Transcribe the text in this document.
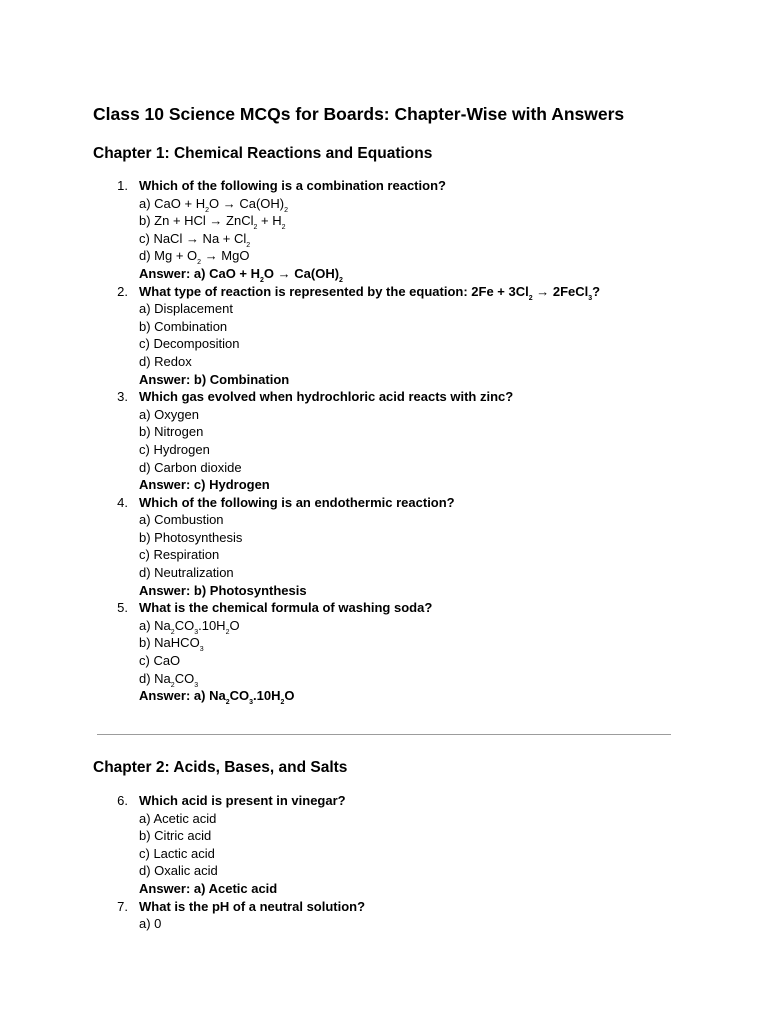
Class 10 Science MCQs for Boards: Chapter-Wise with Answers
Chapter 1: Chemical Reactions and Equations
1. Which of the following is a combination reaction?
a) CaO + $H_2O \to Ca(OH)_2$
b) Zn + HCl → ZnCl$_2$ + $H_2$
c) NaCl → $Na + Cl_2$
d) $Mg + O_2$ → MgO
Answer: a) CaO + $H_2O \to Ca(OH)_2$
2. What type of reaction is represented by the equation: $2Fe + 3Cl_2$ → 2FeCl$_3$?
a) Displacement
b) Combination
c) Decomposition
d) Redox
Answer: b) Combination
3. Which gas evolved when hydrochloric acid reacts with zinc?
a) Oxygen
b) Nitrogen
c) Hydrogen
d) Carbon dioxide
Answer: c) Hydrogen
4. Which of the following is an endothermic reaction?
a) Combustion
b) Photosynthesis
c) Respiration
d) Neutralization
Answer: b) Photosynthesis
5. What is the chemical formula of washing soda?
a) $Na_2CO_3.10H_2O$
b) NaHCO$_3$
c) CaO
d) $Na_2CO_3$
Answer: a) $Na_2CO_3.10H_2O$
Chapter 2: Acids, Bases, and Salts
6. Which acid is present in vinegar?
a) Acetic acid
b) Citric acid
c) Lactic acid
d) Oxalic acid
Answer: a) Acetic acid
7. What is the pH of a neutral solution?
a) 0
